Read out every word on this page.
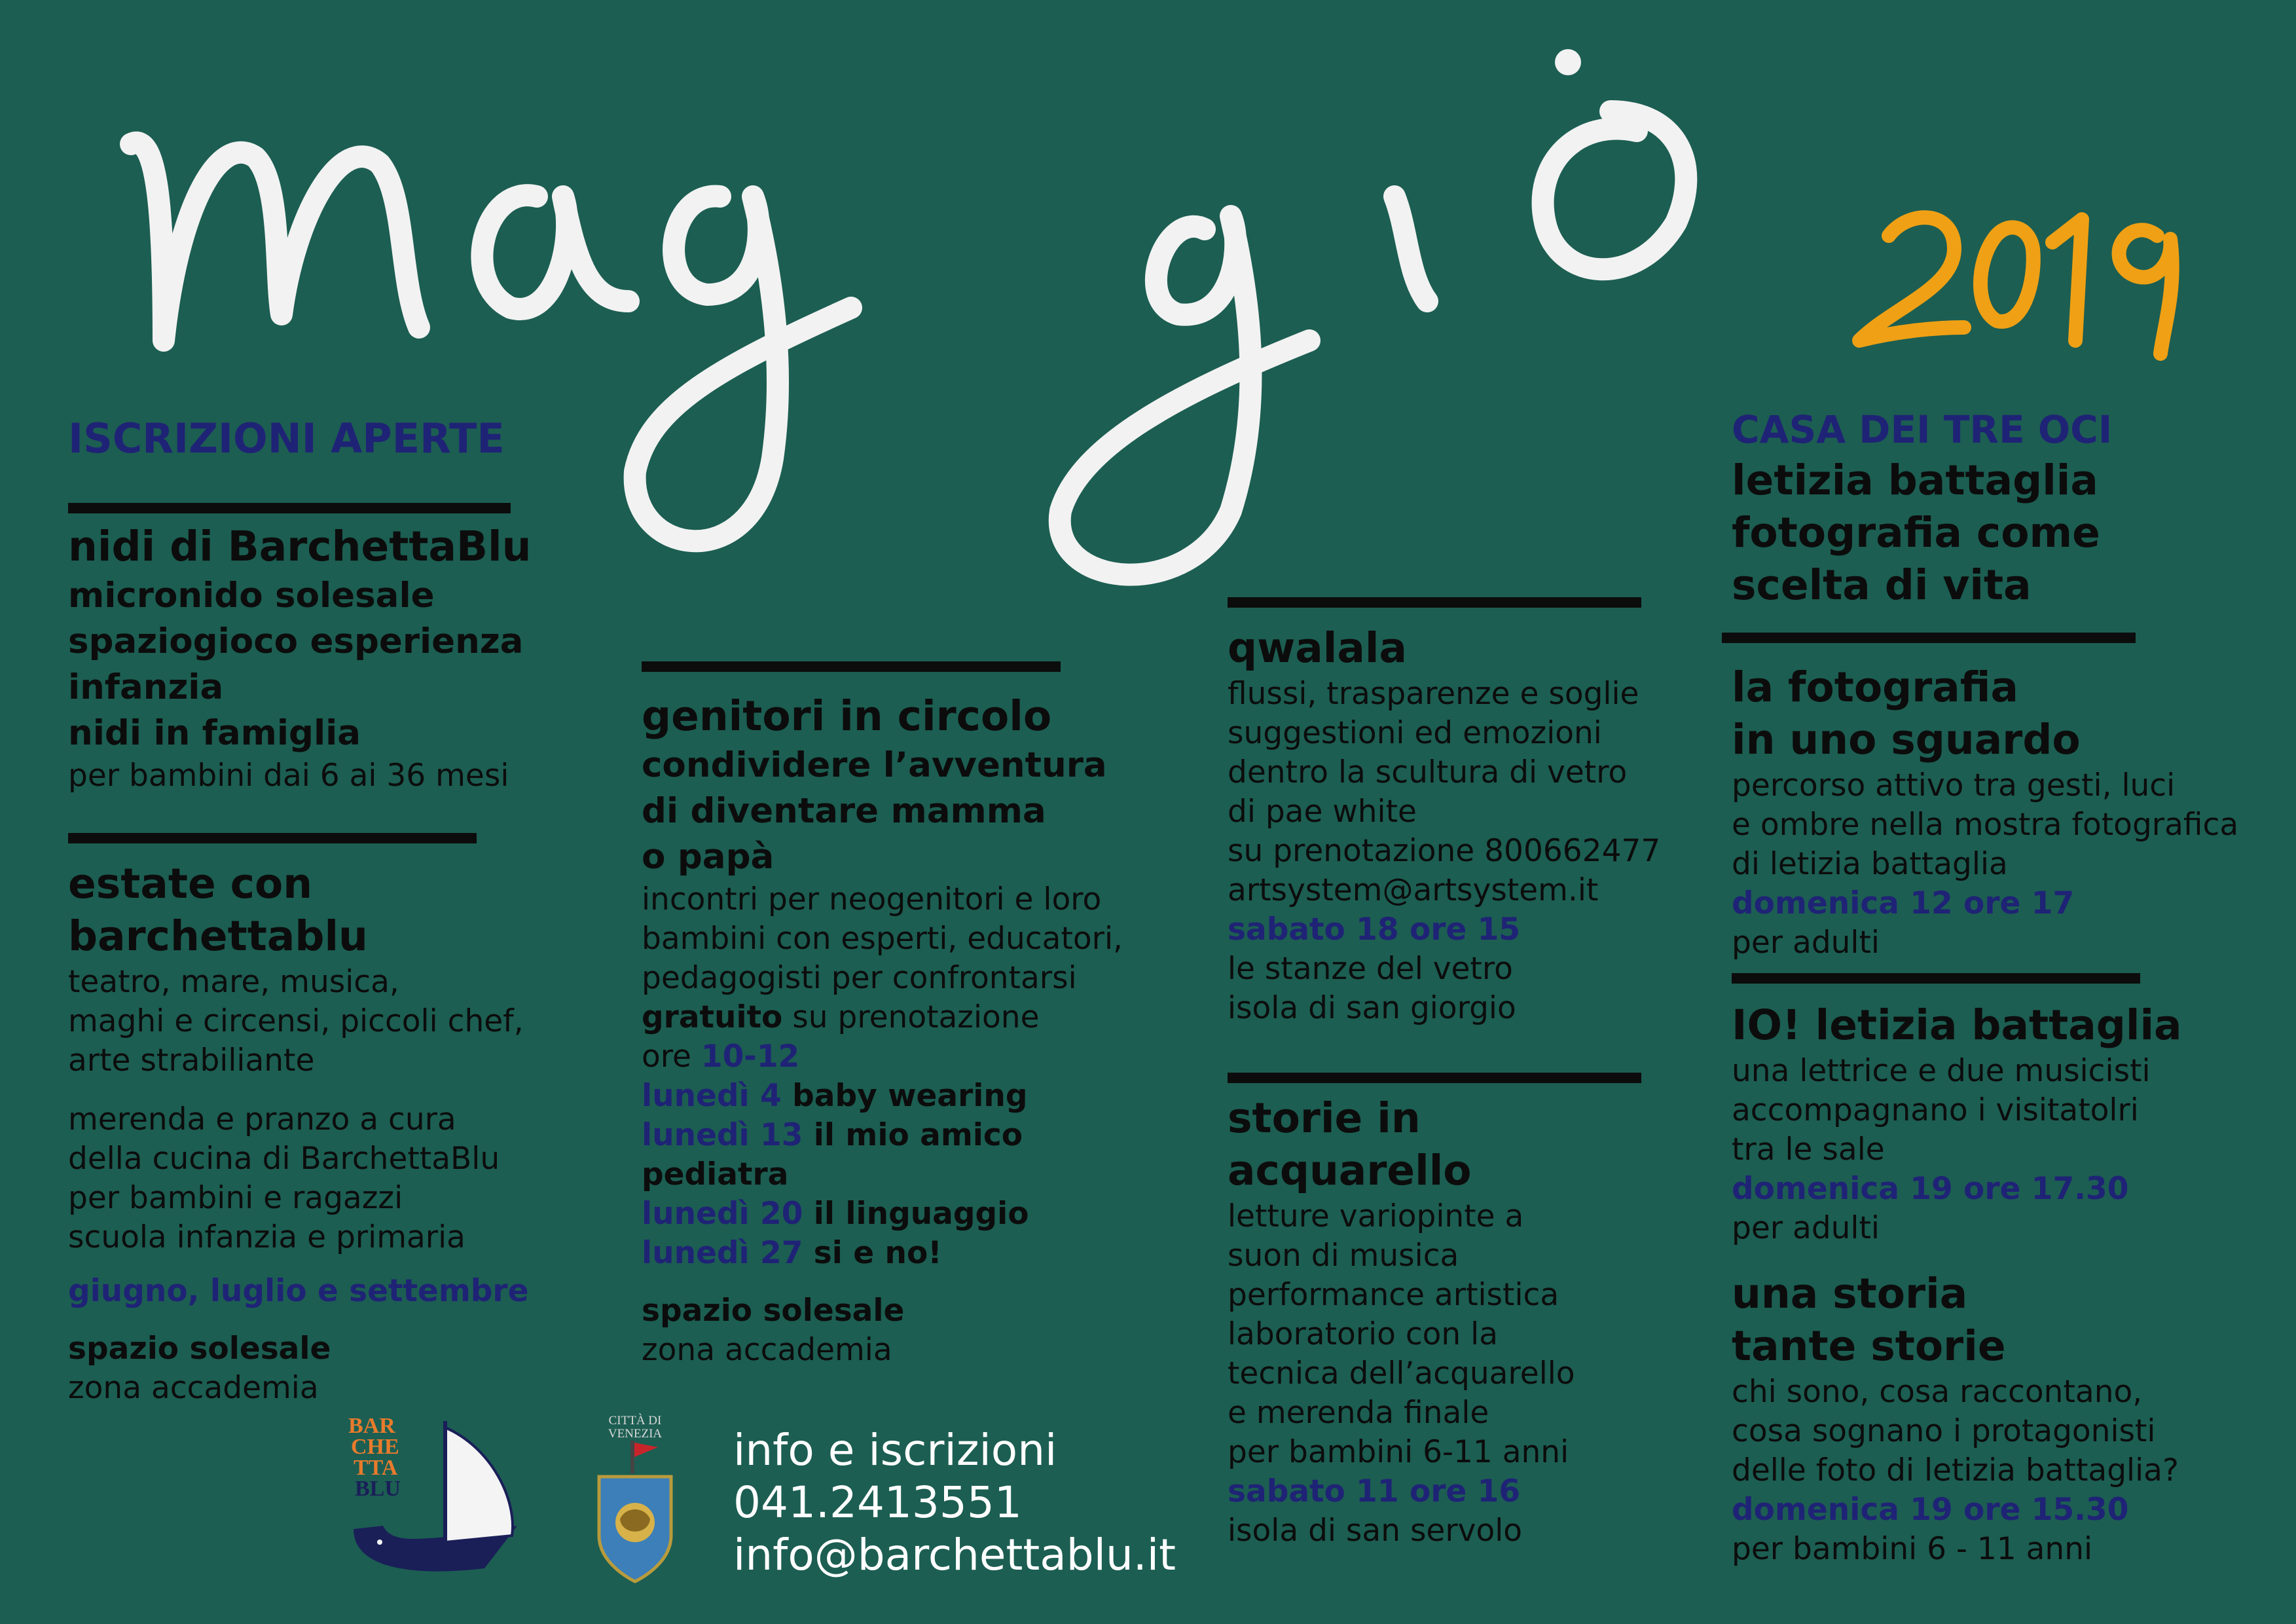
ISCRIZIONI APERTE

nidi di BarchettaBlu

micronido solesale

spaziogioco esperienza

infanzia

nidi in famiglia

per bambini dai 6 ai 36 mesi

estate con

barchettablu

teatro, mare, musica,

maghi e circensi, piccoli chef,

arte strabiliante

merenda e pranzo a cura

della cucina di BarchettaBlu

per bambini e ragazzi

scuola infanzia e primaria

giugno, luglio e settembre

spazio solesale

zona accademia

genitori in circolo

condividere l’avventura

di diventare mamma

o papà

incontri per neogenitori e loro

bambini con esperti, educatori,

pedagogisti per confrontarsi

gratuito su prenotazione

ore 10-12

lunedì 4 baby wearing

lunedì 13 il mio amico

pediatra

lunedì 20 il linguaggio

lunedì 27 si e no!

spazio solesale

zona accademia

qwalala

flussi, trasparenze e soglie

suggestioni ed emozioni

dentro la scultura di vetro

di pae white

su prenotazione 800662477

artsystem@artsystem.it

sabato 18 ore 15

le stanze del vetro

isola di san giorgio

storie in

acquarello

letture variopinte a

suon di musica

performance artistica

laboratorio con la

tecnica dell’acquarello

e merenda finale

per bambini 6-11 anni

sabato 11 ore 16

isola di san servolo

CASA DEI TRE OCI

letizia battaglia

fotografia come

scelta di vita

la fotografia

in uno sguardo

percorso attivo tra gesti, luci

e ombre nella mostra fotografica

di letizia battaglia

domenica 12 ore 17

per adulti

IO! letizia battaglia

una lettrice e due musicisti

accompagnano i visitatolri

tra le sale

domenica 19 ore 17.30

per adulti

una storia

tante storie

chi sono, cosa raccontano,

cosa sognano i protagonisti

delle foto di letizia battaglia?

domenica 19 ore 15.30

per bambini 6 - 11 anni

BAR
CHE
TTA
BLU
CITTÀ DI
VENEZIA info e iscrizioni

041.2413551

info@barchettablu.it
